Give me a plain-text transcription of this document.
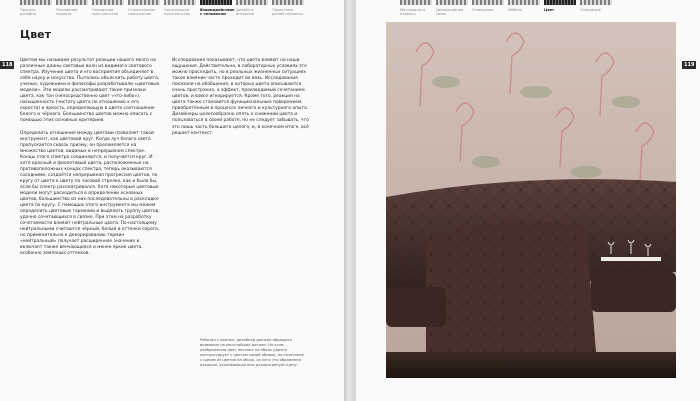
Процесс дизайна
Понимание проекта
Понимание пространства
Строительные сооружения
Организация пространства
Взаимодействие с человеком
Дизайн и интерьер
Проектные дизайн-проекты
Цвет
118

Цветом мы называем результат реакции нашего мозга на различные длины световых волн из видимого светового спектра. Изучение цвета и его восприятия объединяет в себе науку и искусство. Пытались объяснить работу цвета, ученые, художники и философы разрабатывали «цветовые модели». Эти модели рассматривают такие признаки цвета, как тон (непосредственно цвет «что-либо»), насыщенность (чистоту цвета по отношению к его серости) и яркость, определяющую в цвете соотношение белого и чёрного. Большинство цветов можно описать с помощью этих основных критериев.

Определить отношения между цветами позволяет такой инструмент, как цветовой круг. Когда луч белого света пропускается сквозь призму, он преломляется на множество цветов, видимых в непрерывном спектре. Концы этого спектра соединяются, и получается круг. И хотя красный и фиолетовый цвета, расположенные на противоположных концах спектра, теперь оказываются соседними, создаётся непрерывная прогрессия цветов, по кругу от цвета к цвету по часовой стрелке, как и было бы, если бы спектр рассматривался. Хотя некоторые цветовые модели могут расходиться в определении основных цветов, большинство из них последовательны в раскладке цвета по кругу. С помощью этого инструмента мы можем определить цветовые гармонии и выделить группу цветов, удачно сочетающихся в связке. При этом на разработку сочетаемости влияют нейтральные цвета. По-настоящему нейтральными считаются чёрный, белый и оттенки серого, но применительно к декорированию термин «нейтральный» получает расширенное значение и включает также венчающиеся и менее яркие цвета, особенно земляных оттенков.

Исследования показывают, что цвета влияют на наши ощущения. Действительно, в лабораторных условиях это можно проследить, но в реальных жизненных ситуациях такое влияние часто проходит во вязь. Исследования показали на обобщения, в которых цвета описываются очень пространно, а эффект, производимый сочетанием цветов, и вовсе игнорируется. Кроме того, реакция на цвета также становится функциональным поведением, приобретённым в процессе личного и культурного опыта. Дизайнеры целесообразно опять о снижении цвета и пользоваться в своей работе, но не следует забывать, что это лишь часть большего целого, и, в конечном итоге, всё решает контекст.

Работая с цветом, дизайнер должен обращать внимание на мельчайшие детали. На этом изображении цвет потолка на обоях удачно контрастирует с цветом самой обивки, но сочетание с одним из цветов на обоях, из-чего что обрамлена изящная, усиливающая всю декоративную сцену.
Материалы и отделка
Декоративная связь
Освещение	Мебель	Цвет	Отведение
119
